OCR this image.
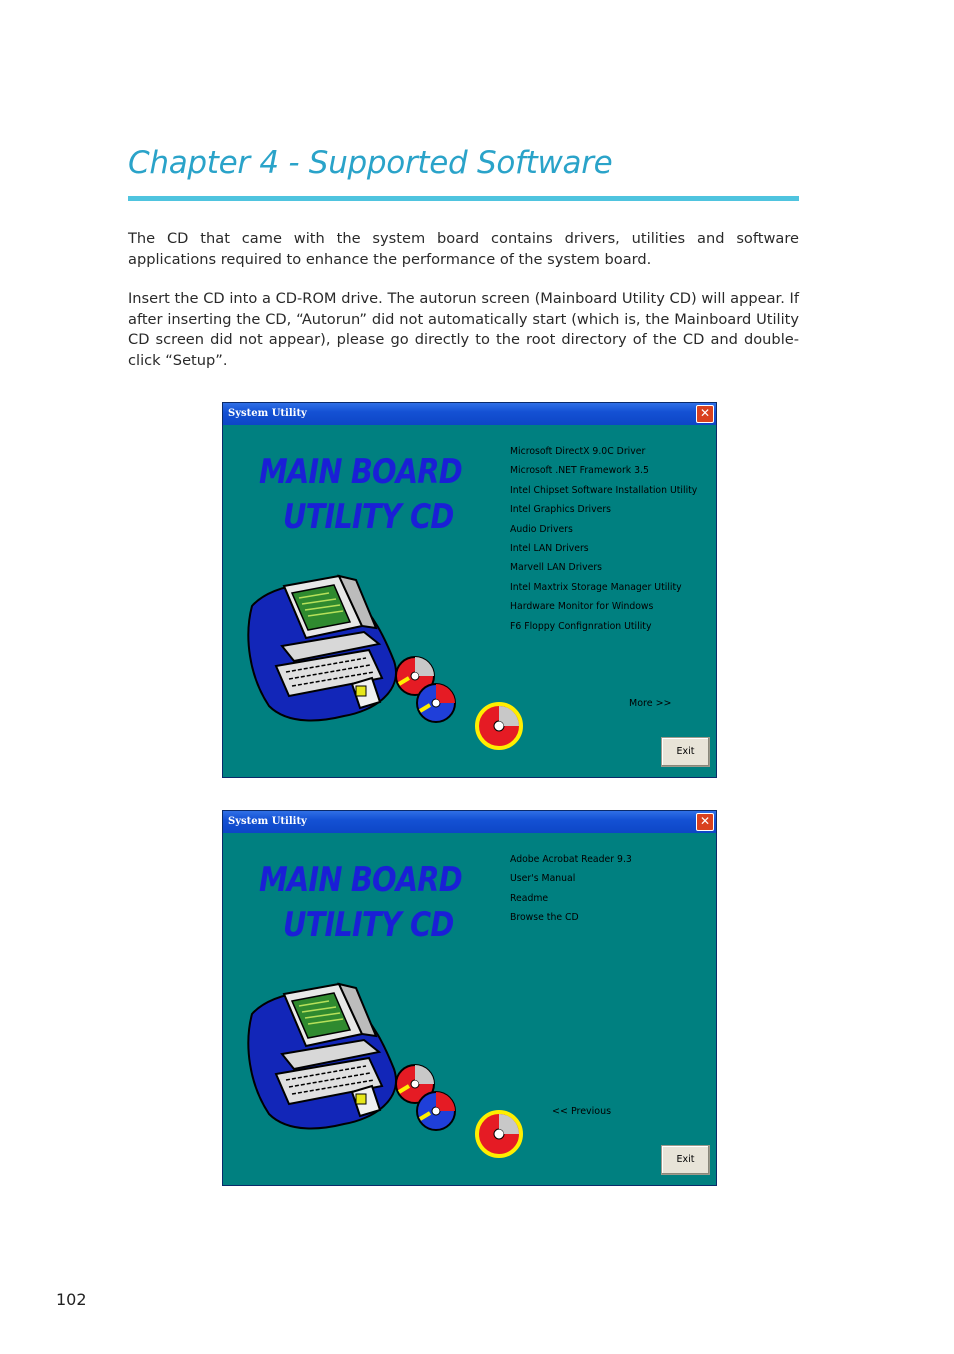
Chapter 4 - Supported Software

The CD that came with the system board contains drivers, utilities and software applications required to enhance the performance of the system board.

Insert the CD into a CD-ROM drive. The autorun screen (Mainboard Utility CD) will appear. If after inserting the CD, “Autorun” did not automatically start (which is, the Mainboard Utility CD screen did not appear), please go directly to the root directory of the CD and double-click “Setup”.

System Utility	✕
MAIN BOARD
UTILITY CD
Microsoft DirectX 9.0C Driver
Microsoft .NET Framework 3.5
Intel Chipset Software Installation Utility
Intel Graphics Drivers
Audio Drivers
Intel LAN Drivers
Marvell LAN Drivers
Intel Maxtrix Storage Manager Utility
Hardware Monitor for Windows
F6 Floppy Confignration Utility
More >>
Exit
System Utility	✕
MAIN BOARD
UTILITY CD
Adobe Acrobat Reader 9.3
User's Manual
Readme
Browse the CD
<< Previous
Exit
102
